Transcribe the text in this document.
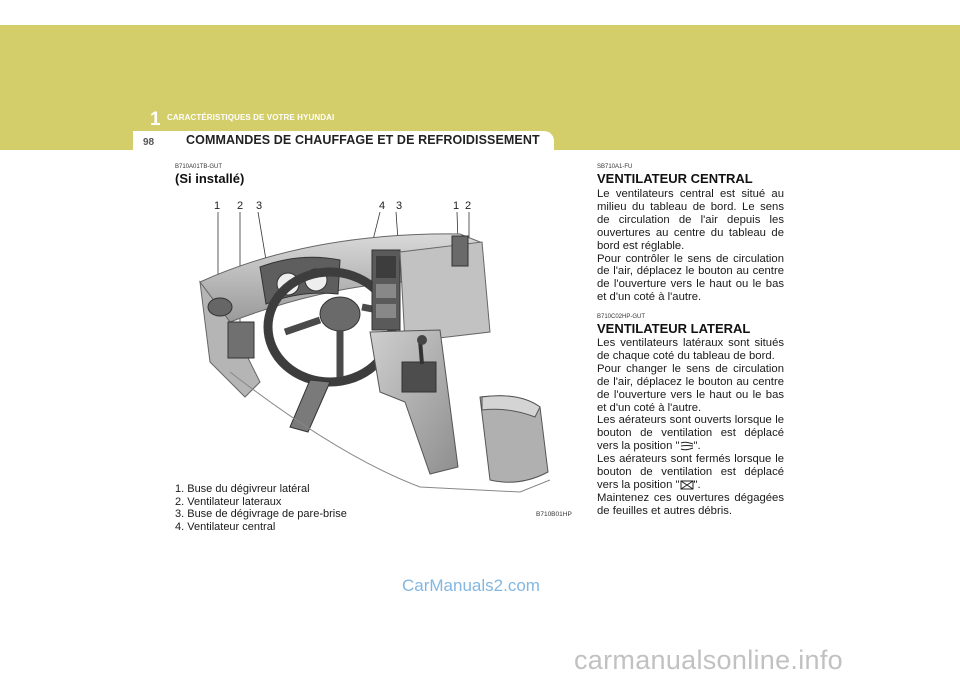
1 CARACTÉRISTIQUES DE VOTRE HYUNDAI
98	COMMANDES DE CHAUFFAGE ET DE REFROIDISSEMENT
B710A01TB-GUT
(Si installé)
1 2 3	4 3	1 2
1. Buse du dégivreur latéral
2. Ventilateur lateraux
3. Buse de dégivrage de pare-brise
4. Ventilateur central
B710B01HP
SB710A1-FU
VENTILATEUR CENTRAL

Le ventilateurs central est situé au milieu du tableau de bord. Le sens de circulation de l'air depuis les ouvertures au centre du tableau de bord est réglable.

Pour contrôler le sens de circulation de l'air, déplacez le bouton au centre de l'ouverture vers le haut ou le bas et d'un coté à l'autre.

B710C02HP-GUT
VENTILATEUR LATERAL

Les ventilateurs latéraux sont situés de chaque coté du tableau de bord.

Pour changer le sens de circulation de l'air, déplacez le bouton au centre de l'ouverture vers le haut ou le bas et d'un coté à l'autre.

Les aérateurs sont ouverts lorsque le bouton de ventilation est déplacé vers la position " ".

Les aérateurs sont fermés lorsque le bouton de ventilation est déplacé vers la position " ".

Maintenez ces ouvertures dégagées de feuilles et autres débris.

CarManuals2.com
carmanualsonline.info
